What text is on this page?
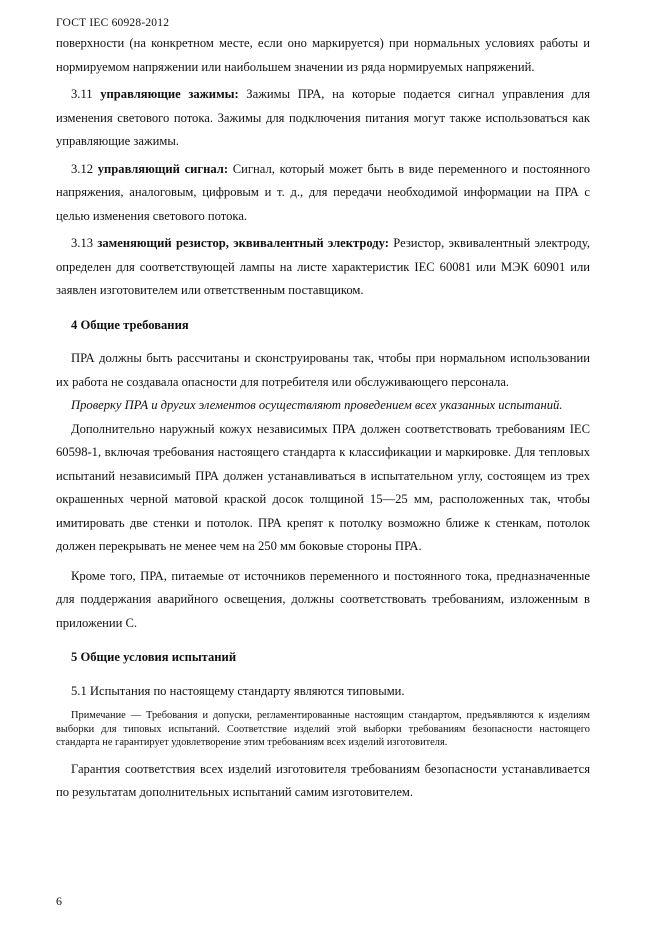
ГОСТ IEC 60928-2012

поверхности (на конкретном месте, если оно маркируется) при нормальных условиях работы и нормируемом напряжении или наибольшем значении из ряда нормируемых напряжений.

3.11 управляющие зажимы: Зажимы ПРА, на которые подается сигнал управления для изменения светового потока. Зажимы для подключения питания могут также использоваться как управляющие зажимы.

3.12 управляющий сигнал: Сигнал, который может быть в виде переменного и постоянного напряжения, аналоговым, цифровым и т. д., для передачи необходимой информации на ПРА с целью изменения светового потока.

3.13 заменяющий резистор, эквивалентный электроду: Резистор, эквивалентный электроду, определен для соответствующей лампы на листе характеристик IEC 60081 или МЭК 60901 или заявлен изготовителем или ответственным поставщиком.

4 Общие требования

ПРА должны быть рассчитаны и сконструированы так, чтобы при нормальном использовании их работа не создавала опасности для потребителя или обслуживающего персонала.

Проверку ПРА и других элементов осуществляют проведением всех указанных испытаний.

Дополнительно наружный кожух независимых ПРА должен соответствовать требованиям IEC 60598-1, включая требования настоящего стандарта к классификации и маркировке. Для тепловых испытаний независимый ПРА должен устанавливаться в испытательном углу, состоящем из трех окрашенных черной матовой краской досок толщиной 15—25 мм, расположенных так, чтобы имитировать две стенки и потолок. ПРА крепят к потолку возможно ближе к стенкам, потолок должен перекрывать не менее чем на 250 мм боковые стороны ПРА.

Кроме того, ПРА, питаемые от источников переменного и постоянного тока, предназначенные для поддержания аварийного освещения, должны соответствовать требованиям, изложенным в приложении С.

5 Общие условия испытаний

5.1 Испытания по настоящему стандарту являются типовыми.

Примечание — Требования и допуски, регламентированные настоящим стандартом, предъявляются к изделиям выборки для типовых испытаний. Соответствие изделий этой выборки требованиям безопасности настоящего стандарта не гарантирует удовлетворение этим требованиям всех изделий изготовителя.

Гарантия соответствия всех изделий изготовителя требованиям безопасности устанавливается по результатам дополнительных испытаний самим изготовителем.

6
